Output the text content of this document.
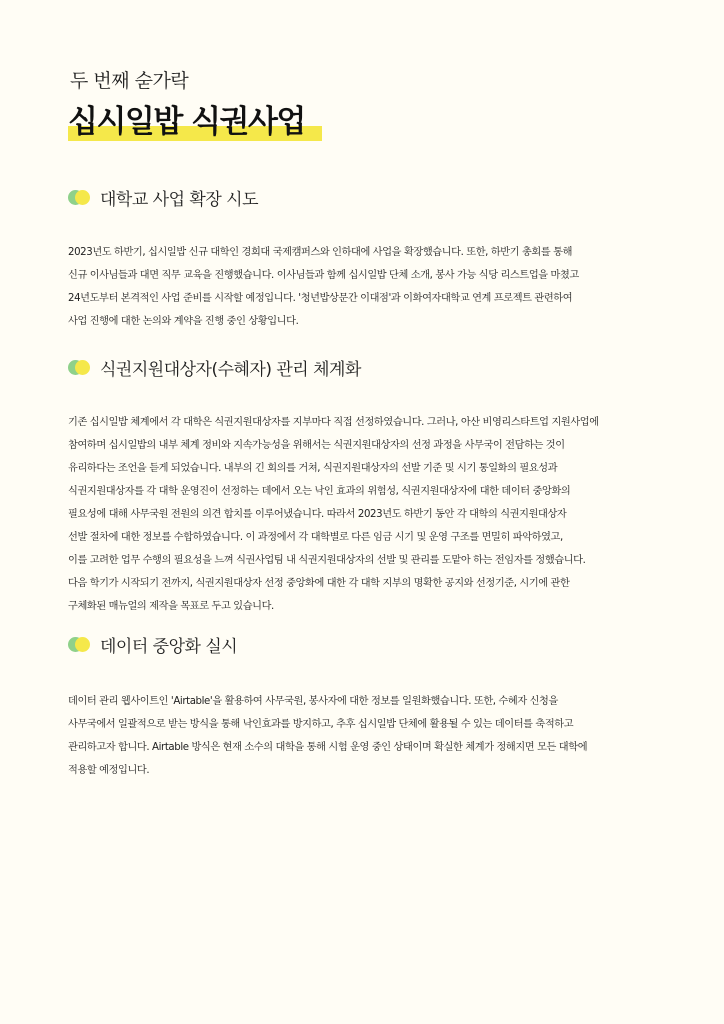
두 번째 숟가락
십시일밥 식권사업
대학교 사업 확장 시도
2023년도 하반기, 십시일밥 신규 대학인 경희대 국제캠퍼스와 인하대에 사업을 확장했습니다. 또한, 하반기 총회를 통해
신규 이사님들과 대면 직무 교육을 진행했습니다. 이사님들과 함께 십시일밥 단체 소개, 봉사 가능 식당 리스트업을 마쳤고
24년도부터 본격적인 사업 준비를 시작할 예정입니다. '청년밥상문간 이대점'과 이화여자대학교 연계 프로젝트 관련하여
사업 진행에 대한 논의와 계약을 진행 중인 상황입니다.
식권지원대상자(수혜자) 관리 체계화
기존 십시일밥 체계에서 각 대학은 식권지원대상자를 지부마다 직접 선정하였습니다. 그러나, 아산 비영리스타트업 지원사업에
참여하며 십시일밥의 내부 체계 정비와 지속가능성을 위해서는 식권지원대상자의 선정 과정을 사무국이 전담하는 것이
유리하다는 조언을 듣게 되었습니다. 내부의 긴 회의를 거쳐, 식권지원대상자의 선발 기준 및 시기 통일화의 필요성과
식권지원대상자를 각 대학 운영진이 선정하는 데에서 오는 낙인 효과의 위험성, 식권지원대상자에 대한 데이터 중앙화의
필요성에 대해 사무국원 전원의 의견 합치를 이루어냈습니다. 따라서 2023년도 하반기 동안 각 대학의 식권지원대상자
선발 절차에 대한 정보를 수합하였습니다. 이 과정에서 각 대학별로 다른 임금 시기 및 운영 구조를 면밀히 파악하였고,
이를 고려한 업무 수행의 필요성을 느껴 식권사업팀 내 식권지원대상자의 선발 및 관리를 도맡아 하는 전임자를 정했습니다.
다음 학기가 시작되기 전까지, 식권지원대상자 선정 중앙화에 대한 각 대학 지부의 명확한 공지와 선정기준, 시기에 관한
구체화된 매뉴얼의 제작을 목표로 두고 있습니다.
데이터 중앙화 실시
데이터 관리 웹사이트인 'Airtable'을 활용하여 사무국원, 봉사자에 대한 정보를 일원화했습니다. 또한, 수혜자 신청을
사무국에서 일괄적으로 받는 방식을 통해 낙인효과를 방지하고, 추후 십시일밥 단체에 활용될 수 있는 데이터를 축적하고
관리하고자 합니다. Airtable 방식은 현재 소수의 대학을 통해 시험 운영 중인 상태이며 확실한 체계가 정해지면 모든 대학에
적용할 예정입니다.
